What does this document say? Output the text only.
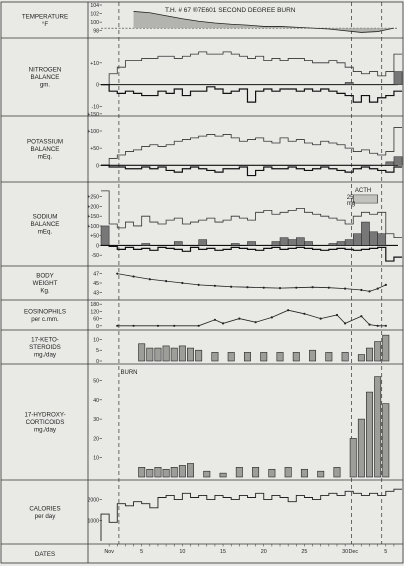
TEMPERATURE
°F
98
100
102
104
NITROGEN
BALANCE
gm.
+10
0
-10
POTASSIUM
BALANCE
mEq.
+150
+100
+50
0
SODIUM
BALANCE
mEq.
+250
+200
+150
+100
+50
0
-50
BODY
WEIGHT
Kg.
47
45
43
EOSINOPHILS
per c.mm.
180
120
60
0
17-KETO-
STEROIDS
mg./day
10
5
0
17-HYDROXY-
CORTICOIDS
mg./day
50
40
30
20
10
CALORIES
per day
2000
1000
BURN
ACTH
25
mg
DATES	Nov	5	10	15	20	25	30 Dec	5
T.H. # 67 ®7E601 SECOND DEGREE BURN
